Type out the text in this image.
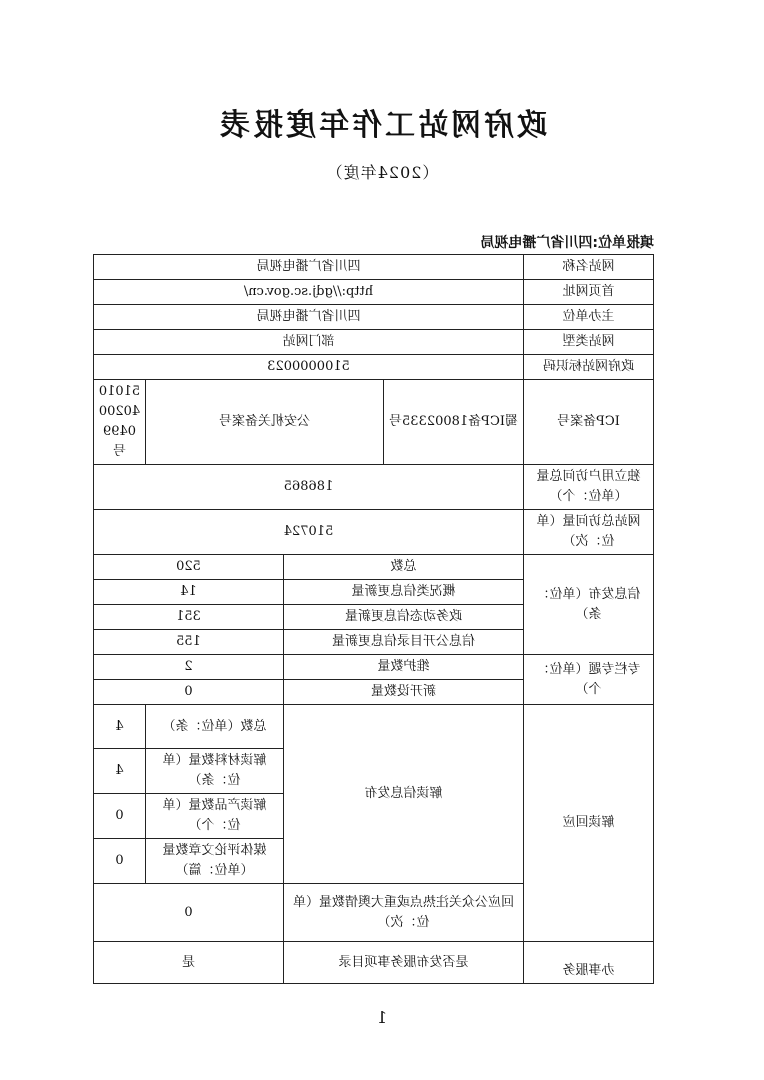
政府网站工作年度报表
（2024年度）
填报单位:四川省广播电视局
网站名称	四川省广播电视局			
首页网址	http://gdj.sc.gov.cn/			
主办单位	四川省广播电视局			
网站类型	部门网站			
政府网站标识码	5100000023			
ICP备案号	蜀ICP备18002335号	公安机关备案号		51010402000499号
独立用户访问总量（单位：个）	186865			
网站总访问量（单位：次）	510724			
信息发布（单位：条）	总数		520	
	概况类信息更新量		14	
	政务动态信息更新量		351	
	信息公开目录信息更新量		155	
专栏专题（单位：个）	维护数量		2	
	新开设数量		0	
解读回应	解读信息发布		总数（单位：条）	4
			解读材料数量（单位：条）	4
			解读产品数量（单位：个）	0
			媒体评论文章数量（单位：篇）	0
	回应公众关注热点或重大舆情数量（单位：次）		0	
办事服务	是否发布服务事项目录		是	
1
